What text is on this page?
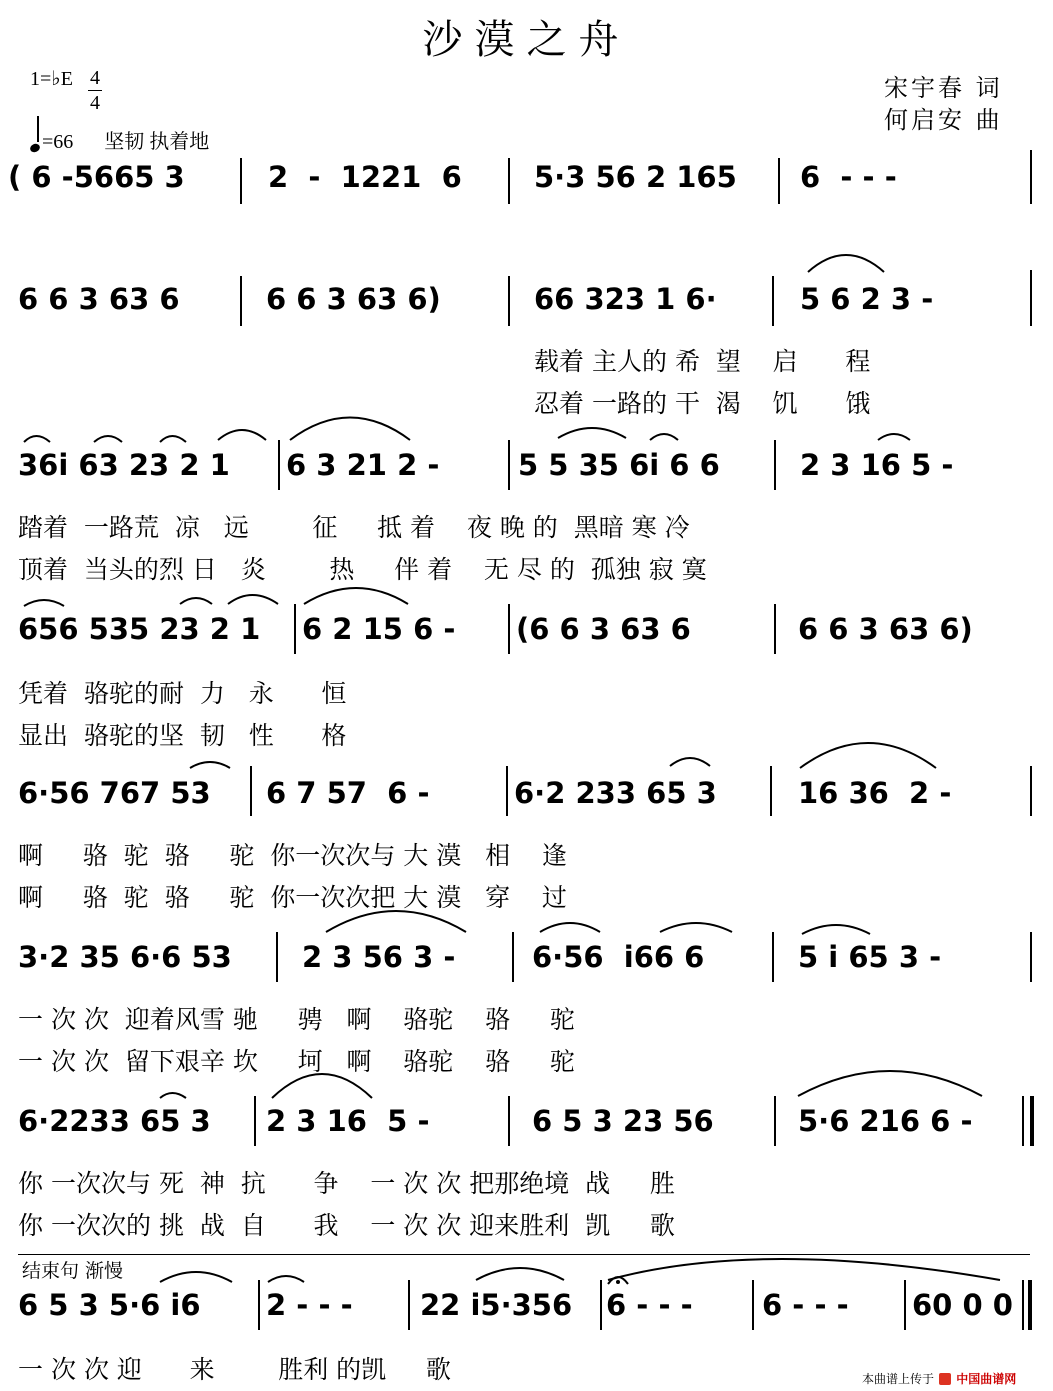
沙漠之舟
1=♭E 4
4
=66 坚韧 执着地
宋宇春 词
何启安 曲
结束句 渐慢
( 6 -5665 3	2 - 1221 6 5·3 56 2 165 6 - - -
6 6 3 63 6	6 6 3 63 6)	66 323 1 6·	5 6 2 3 -
载着 主人的 希 望 启 程
忍着 一路的 干 渴 饥 饿
36i 63 23 2 1 6 3 21 2 -	5 5 35 6i 6 6	2 3 16 5 -
踏着 一路荒 凉 远	征 抵 着 夜 晚 的 黑暗 寒 冷
顶着 当头的烈 日 炎	热 伴 着 无 尽 的 孤独 寂 寞
656 535 23 2 1 6 2 15 6 - (6 6 3 63 6	6 6 3 63 6)
凭着 骆驼的耐 力 永 恒
显出 骆驼的坚 韧 性 格
6·56 767 53 6 7 57 6 -	6·2 233 65 3	16 36 2 -
啊 骆 驼 骆 驼 你一次次与 大 漠 相 逢
啊 骆 驼 骆 驼 你一次次把 大 漠 穿 过
3·2 35 6·6 53 2 3 56 3 -	6·56 i66 6	5 i 65 3 -
一 次 次 迎着风雪 驰 骋 啊 骆驼 骆 驼
一 次 次 留下艰辛 坎 坷 啊 骆驼 骆 驼
6·2233 65 3 2 3 16 5 -	6 5 3 23 56	5·6 216 6 -
你 一次次与 死 神 抗 争 一 次 次 把那绝境 战 胜
你 一次次的 挑 战 自 我 一 次 次 迎来胜利 凯 歌
6 5 3 5·6 i6 2 - - - 22 i5·356 6 - - - 6 - - - 60 0 0
一 次 次 迎 来	胜利 的凯 歌	本曲谱上传于 中国曲谱网
